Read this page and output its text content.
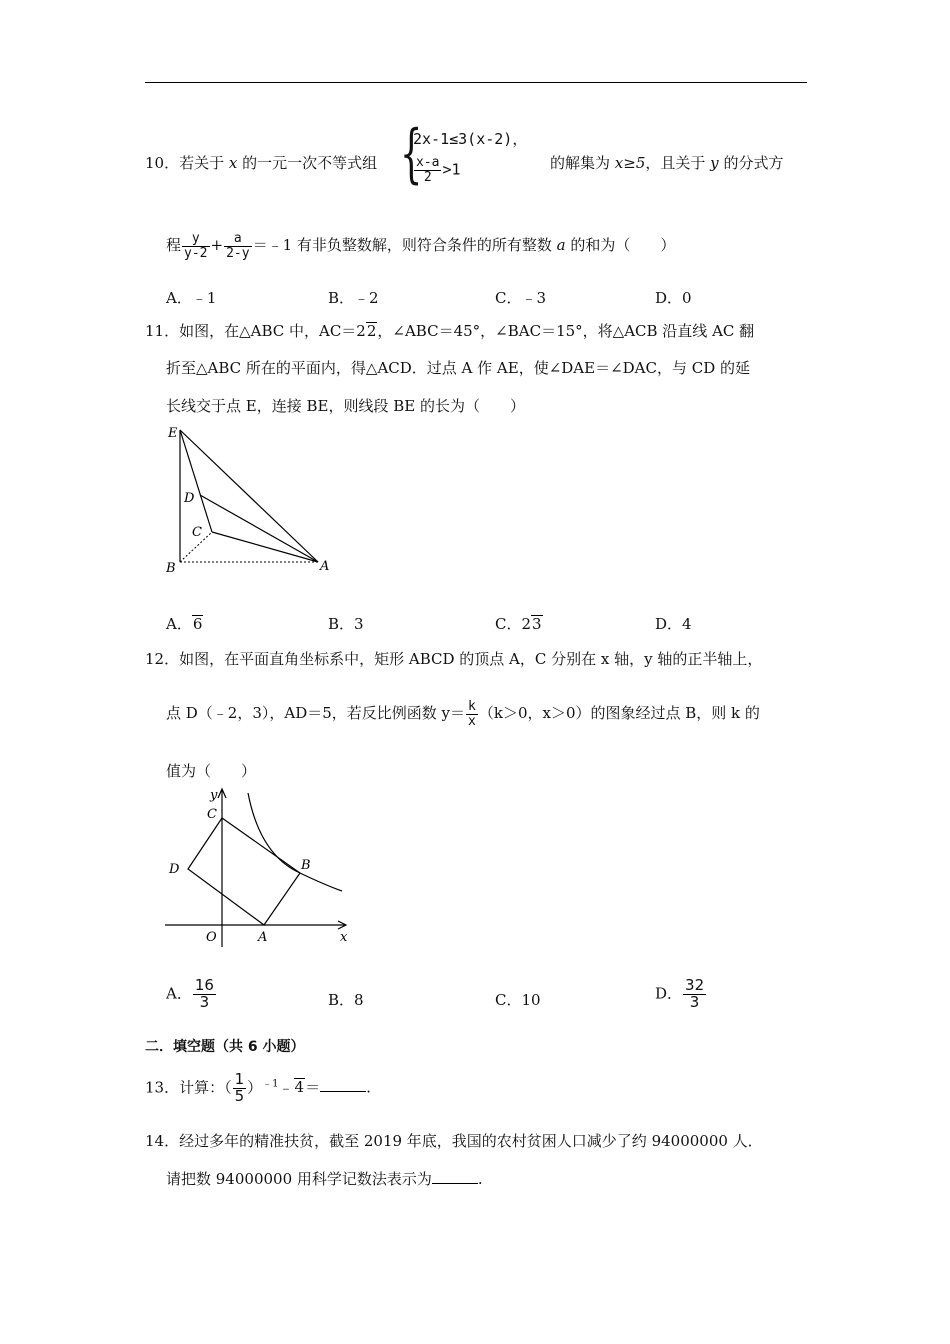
10．若关于 x 的一元一次不等式组 {
2x-1≤3(x-2)，
$\frac{x-a}{2} >1$	的解集为 x≥5，且关于 y 的分式方
程 $\frac{y}{y-2} + \frac{a}{2-y}$ ＝﹣1 有非负整数解，则符合条件的所有整数 a 的和为（　　）
A．﹣1	B．﹣2	C．﹣3	D．0
11．如图，在△ABC 中，AC＝22，∠ABC＝45°，∠BAC＝15°，将△ACB 沿直线 AC 翻
折至△ABC 所在的平面内，得△ACD．过点 A 作 AE，使∠DAE＝∠DAC，与 CD 的延
长线交于点 E，连接 BE，则线段 BE 的长为（　　）
E
D
C
B	A
A．6	B．3	C．23	D．4
12．如图，在平面直角坐标系中，矩形 ABCD 的顶点 A，C 分别在 x 轴，y 轴的正半轴上，
点 D（﹣2，3），AD＝5，若反比例函数 $y= \frac{k}{x} (k>0$，x＞0）的图象经过点 B，则 k 的
值为（　　）
y
C
D	B
O	A	x
A． $\frac{16}{3}$	B．8	C．10	D． $\frac{32}{3}$
二．填空题（共 6 小题）
13．计算：（ $\frac{1}{5}$ ）$^{﹣1}$﹣4＝	.
14．经过多年的精准扶贫，截至 2019 年底，我国的农村贫困人口减少了约 94000000 人．
请把数 94000000 用科学记数法表示为	.
